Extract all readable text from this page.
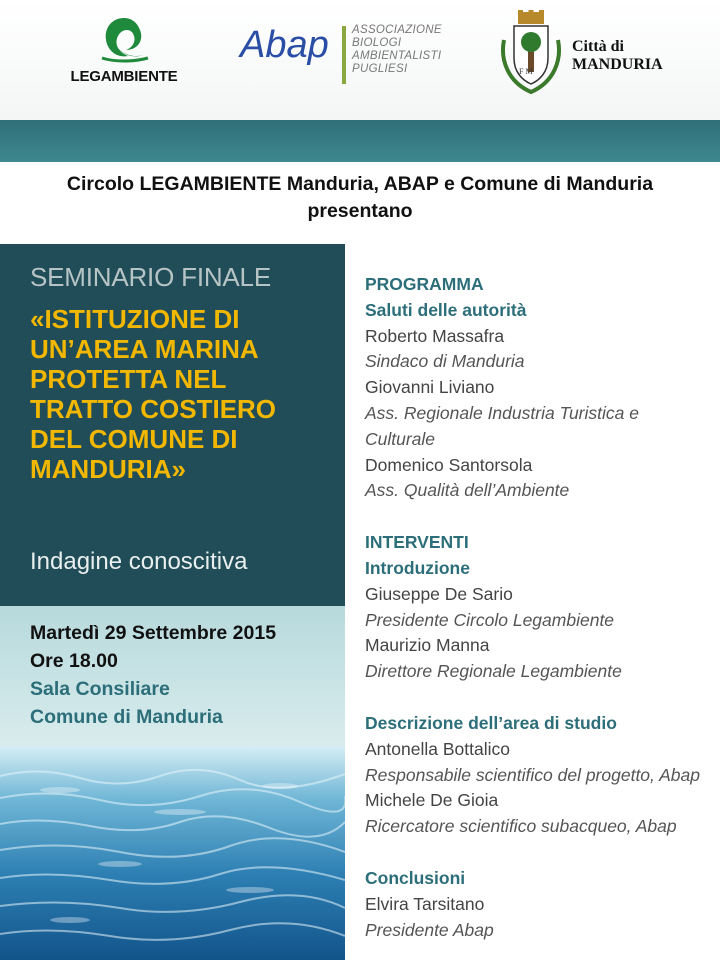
LEGAMBIENTE
Abap ASSOCIAZIONE
BIOLOGI
AMBIENTALISTI
PUGLIESI	F M
Città di
MANDURIA
Circolo LEGAMBIENTE Manduria, ABAP e Comune di Manduria
presentano
SEMINARIO FINALE
«ISTITUZIONE DI
UN’AREA MARINA
PROTETTA NEL
TRATTO COSTIERO
DEL COMUNE DI
MANDURIA»
Indagine conoscitiva
Martedì 29 Settembre 2015
Ore 18.00
Sala Consiliare
Comune di Manduria
PROGRAMMA
Saluti delle autorità
Roberto Massafra
Sindaco di Manduria
Giovanni Liviano
Ass. Regionale Industria Turistica e
Culturale
Domenico Santorsola
Ass. Qualità dell’Ambiente
INTERVENTI
Introduzione
Giuseppe De Sario
Presidente Circolo Legambiente
Maurizio Manna
Direttore Regionale Legambiente
Descrizione dell’area di studio
Antonella Bottalico
Responsabile scientifico del progetto, Abap
Michele De Gioia
Ricercatore scientifico subacqueo, Abap
Conclusioni
Elvira Tarsitano
Presidente Abap
